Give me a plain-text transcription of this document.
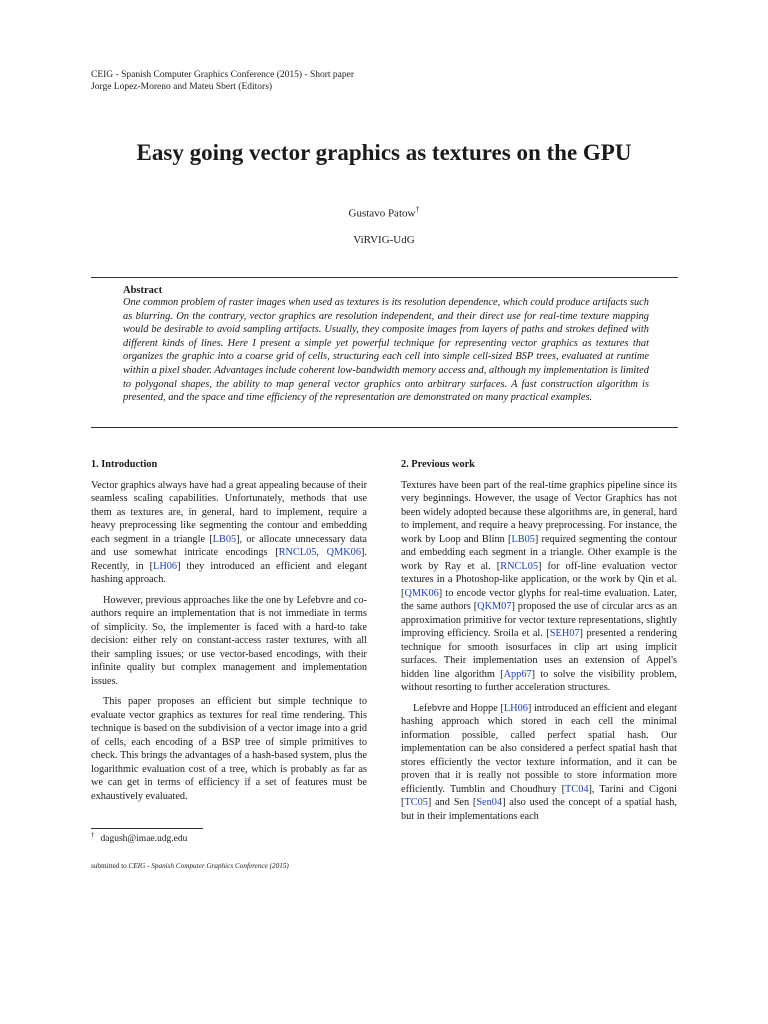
CEIG - Spanish Computer Graphics Conference (2015) - Short paper
Jorge Lopez-Moreno and Mateu Sbert (Editors)
Easy going vector graphics as textures on the GPU
Gustavo Patow†
ViRVIG-UdG
Abstract
One common problem of raster images when used as textures is its resolution dependence, which could produce artifacts such as blurring. On the contrary, vector graphics are resolution independent, and their direct use for real-time texture mapping would be desirable to avoid sampling artifacts. Usually, they composite images from layers of paths and strokes defined with different kinds of lines. Here I present a simple yet powerful technique for representing vector graphics as textures that organizes the graphic into a coarse grid of cells, structuring each cell into simple cell-sized BSP trees, evaluated at runtime within a pixel shader. Advantages include coherent low-bandwidth memory access and, although my implementation is limited to polygonal shapes, the ability to map general vector graphics onto arbitrary surfaces. A fast construction algorithm is presented, and the space and time efficiency of the representation are demonstrated on many practical examples.
1. Introduction

Vector graphics always have had a great appealing because of their seamless scaling capabilities. Unfortunately, methods that use them as textures are, in general, hard to implement, require a heavy preprocessing like segmenting the contour and embedding each segment in a triangle [LB05], or allocate unnecessary data and use somewhat intricate encodings [RNCL05, QMK06]. Recently, in [LH06] they introduced an efficient and elegant hashing approach.

However, previous approaches like the one by Lefebvre and co-authors require an implementation that is not immediate in terms of simplicity. So, the implementer is faced with a hard-to take decision: either rely on constant-access raster textures, with all their sampling issues; or use vector-based encodings, with their infinite quality but complex management and implementation issues.

This paper proposes an efficient but simple technique to evaluate vector graphics as textures for real time rendering. This technique is based on the subdivision of a vector image into a grid of cells, each encoding of a BSP tree of simple primitives to check. This brings the advantages of a hash-based system, plus the logarithmic evaluation cost of a tree, which is probably as far as we can get in terms of efficiency if a set of features must be exhaustively evaluated.

2. Previous work

Textures have been part of the real-time graphics pipeline since its very beginnings. However, the usage of Vector Graphics has not been widely adopted because these algorithms are, in general, hard to implement, and require a heavy preprocessing. For instance, the work by Loop and Blinn [LB05] required segmenting the contour and embedding each segment in a triangle. Other example is the work by Ray et al. [RNCL05] for off-line evaluation vector textures in a Photoshop-like application, or the work by Qin et al. [QMK06] to encode vector glyphs for real-time evaluation. Later, the same authors [QKM07] proposed the use of circular arcs as an approximation primitive for vector texture representations, slightly improving efficiency. Sroila et al. [SEH07] presented a rendering technique for smooth isosurfaces in clip art using implicit surfaces. Their implementation uses an extension of Appel's hidden line algorithm [App67] to solve the visibility problem, without resorting to further acceleration structures.

Lefebvre and Hoppe [LH06] introduced an efficient and elegant hashing approach which stored in each cell the minimal information possible, called perfect spatial hash. Our implementation can be also considered a perfect spatial hash that stores efficiently the vector texture information, and it can be proven that it is really not possible to store information more efficiently. Tumblin and Choudhury [TC04], Tarini and Cigoni [TC05] and Sen [Sen04] also used the concept of a spatial hash, but in their implementations each

† dagush@imae.udg.edu
submitted to CEIG - Spanish Computer Graphics Conference (2015)
